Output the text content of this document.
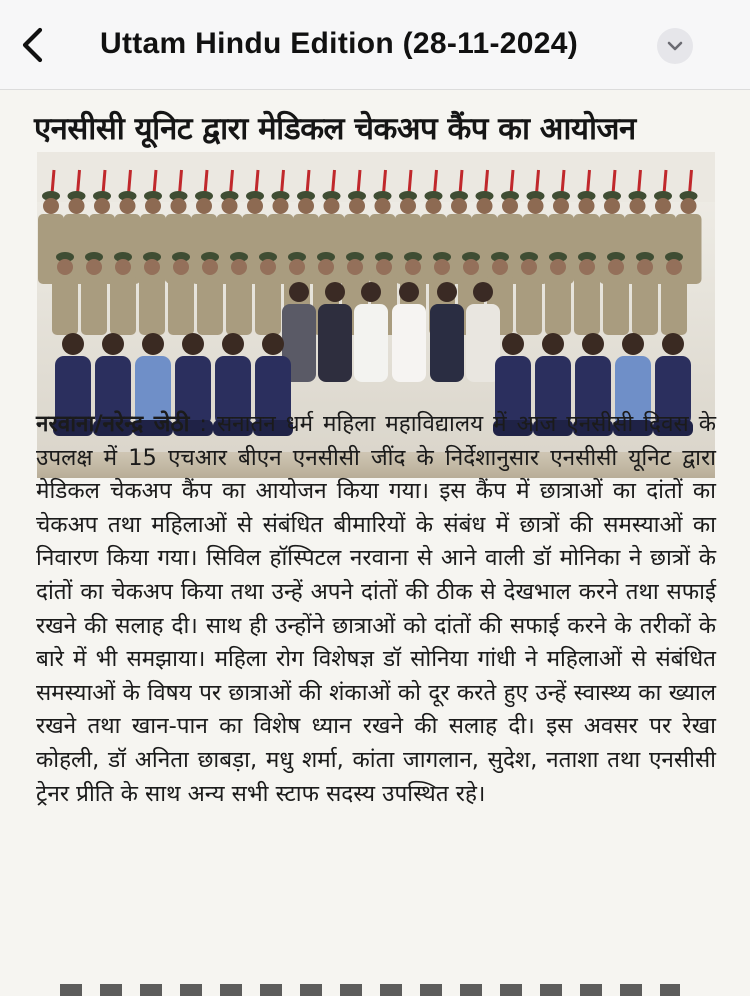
Uttam Hindu Edition (28-11-2024)
एनसीसी यूनिट द्वारा मेडिकल चेकअप कैंप का आयोजन
नरवाना/नरेन्द्र जेठी : सनातन धर्म महिला महाविद्यालय में आज एनसीसी दिवस के उपलक्ष में 15 एचआर बीएन एनसीसी जींद के निर्देशानुसार एनसीसी यूनिट द्वारा मेडिकल चेकअप कैंप का आयोजन किया गया। इस कैंप में छात्राओं का दांतों का चेकअप तथा महिलाओं से संबंधित बीमारियों के संबंध में छात्रों की समस्याओं का निवारण किया गया। सिविल हॉस्पिटल नरवाना से आने वाली डॉ मोनिका ने छात्रों के दांतों का चेकअप किया तथा उन्हें अपने दांतों की ठीक से देखभाल करने तथा सफाई रखने की सलाह दी। साथ ही उन्होंने छात्राओं को दांतों की सफाई करने के तरीकों के बारे में भी समझाया। महिला रोग विशेषज्ञ डॉ सोनिया गांधी ने महिलाओं से संबंधित समस्याओं के विषय पर छात्राओं की शंकाओं को दूर करते हुए उन्हें स्वास्थ्य का ख्याल रखने तथा खान-पान का विशेष ध्यान रखने की सलाह दी। इस अवसर पर रेखा कोहली, डॉ अनिता छाबड़ा, मधु शर्मा, कांता जागलान, सुदेश, नताशा तथा एनसीसी ट्रेनर प्रीति के साथ अन्य सभी स्टाफ सदस्य उपस्थित रहे।
